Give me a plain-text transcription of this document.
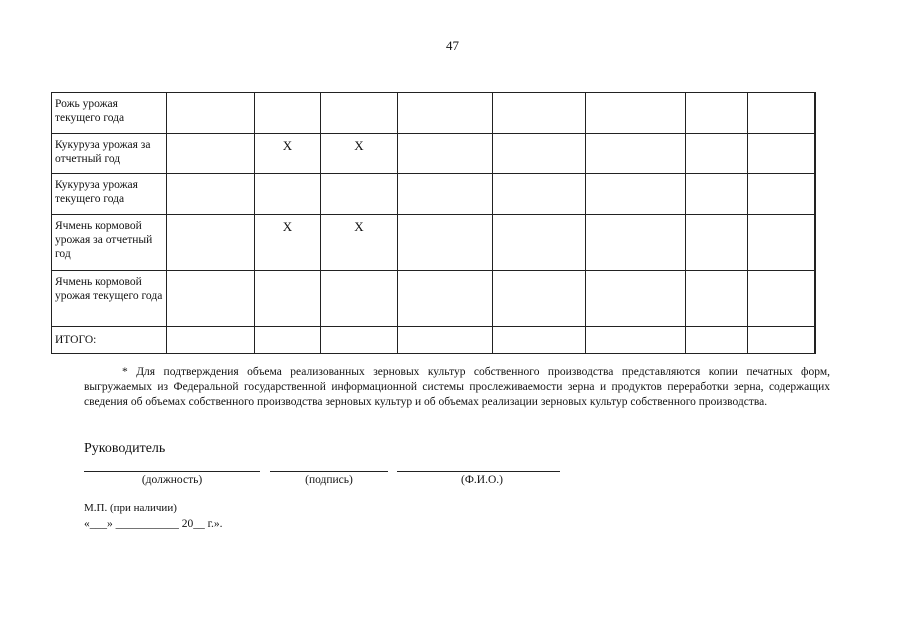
47
Рожь урожая текущего года									
Кукуруза урожая за отчетный год		X	X						
Кукуруза урожая текущего года									
Ячмень кормовой урожая за отчетный год		X	X						
Ячмень кормовой урожая текущего года									
ИТОГО:									
* Для подтверждения объема реализованных зерновых культур собственного производства представляются копии печатных форм, выгружаемых из Федеральной государственной информационной системы прослеживаемости зерна и продуктов переработки зерна, содержащих сведения об объемах собственного производства зерновых культур и об объемах реализации зерновых культур собственного производства.
Руководитель
(должность)	(подпись)	(Ф.И.О.)
М.П. (при наличии)
«___» ___________ 20__ г.».
